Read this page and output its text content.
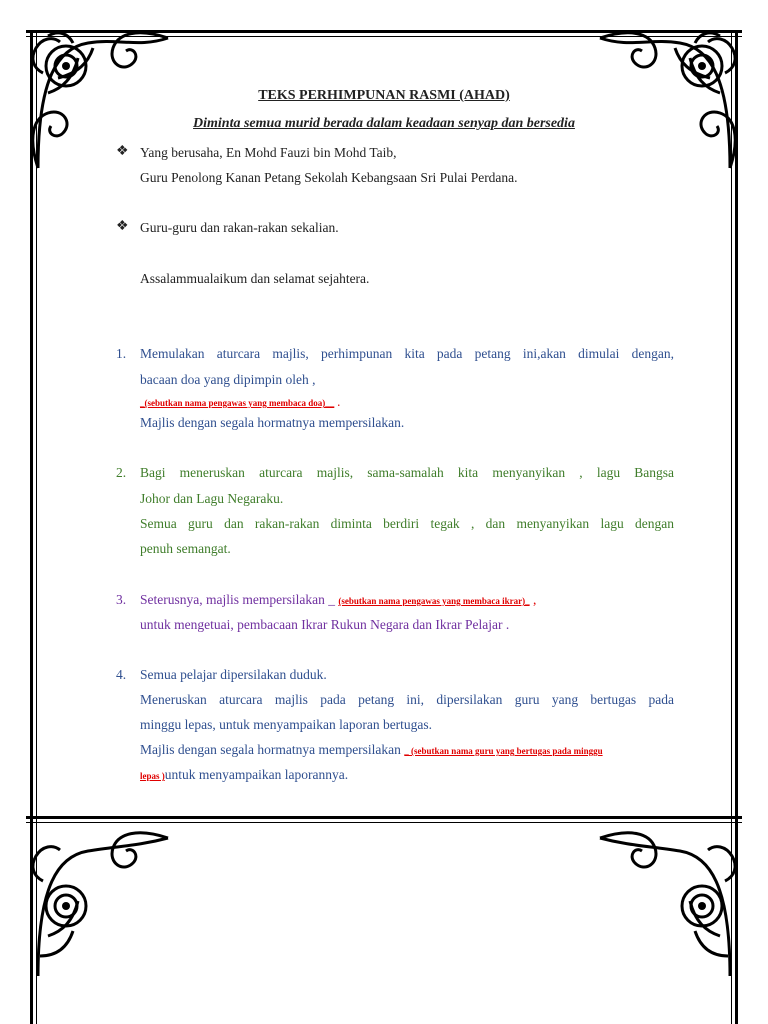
TEKS PERHIMPUNAN RASMI (AHAD)
Diminta semua murid berada dalam keadaan senyap dan bersedia
❖ Yang berusaha, En Mohd Fauzi bin Mohd Taib,
Guru Penolong Kanan Petang Sekolah Kebangsaan Sri Pulai Perdana.
❖ Guru-guru dan rakan-rakan sekalian.
Assalammualaikum dan selamat sejahtera.
1. Memulakan aturcara majlis, perhimpunan kita pada petang ini,akan dimulai dengan,
bacaan doa yang dipimpin oleh ,
_(sebutkan nama pengawas yang membaca doa)__ .
Majlis dengan segala hormatnya mempersilakan.
2. Bagi meneruskan aturcara majlis, sama-samalah kita menyanyikan , lagu Bangsa
Johor dan Lagu Negaraku.
Semua guru dan rakan-rakan diminta berdiri tegak , dan menyanyikan lagu dengan
penuh semangat.
3. Seterusnya, majlis mempersilakan _ (sebutkan nama pengawas yang membaca ikrar)_ ,
untuk mengetuai, pembacaan Ikrar Rukun Negara dan Ikrar Pelajar .
4. Semua pelajar dipersilakan duduk.
Meneruskan aturcara majlis pada petang ini, dipersilakan guru yang bertugas pada
minggu lepas, untuk menyampaikan laporan bertugas.
Majlis dengan segala hormatnya mempersilakan _ (sebutkan nama guru yang bertugas pada minggu
lepas )untuk menyampaikan laporannya.
